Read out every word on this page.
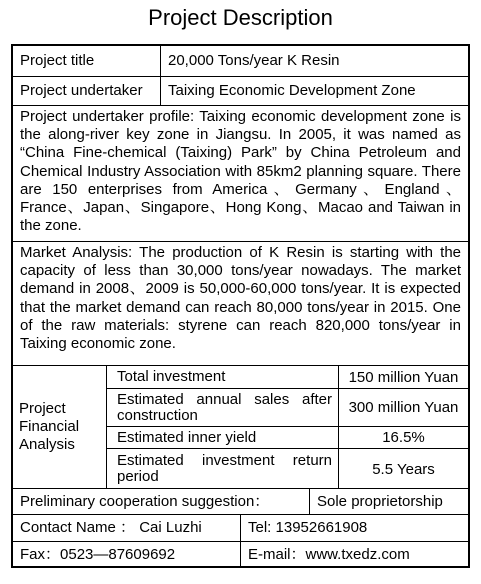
Project Description
Project title	20,000 Tons/year K Resin
Project undertaker	Taixing Economic Development Zone
Project undertaker profile: Taixing economic development zone is the along-river key zone in Jiangsu. In 2005, it was named as “China Fine-chemical (Taixing) Park” by China Petroleum and Chemical Industry Association with 85km2 planning square. There are 150 enterprises from America、Germany、England、France、Japan、Singapore、Hong Kong、Macao and Taiwan in the zone.
Market Analysis: The production of K Resin is starting with the capacity of less than 30,000 tons/year nowadays. The market demand in 2008、2009 is 50,000-60,000 tons/year. It is expected that the market demand can reach 80,000 tons/year in 2015. One of the raw materials: styrene can reach 820,000 tons/year in Taixing economic zone.
Project
Financial
Analysis
Total investment	150 million Yuan
Estimated annual sales after construction	300 million Yuan
Estimated inner yield	16.5%
Estimated investment return period	5.5 Years
Preliminary cooperation suggestion：	Sole proprietorship
Contact Name ： Cai Luzhi	Tel: 13952661908
Fax：0523—87609692	E-mail：www.txedz.com
